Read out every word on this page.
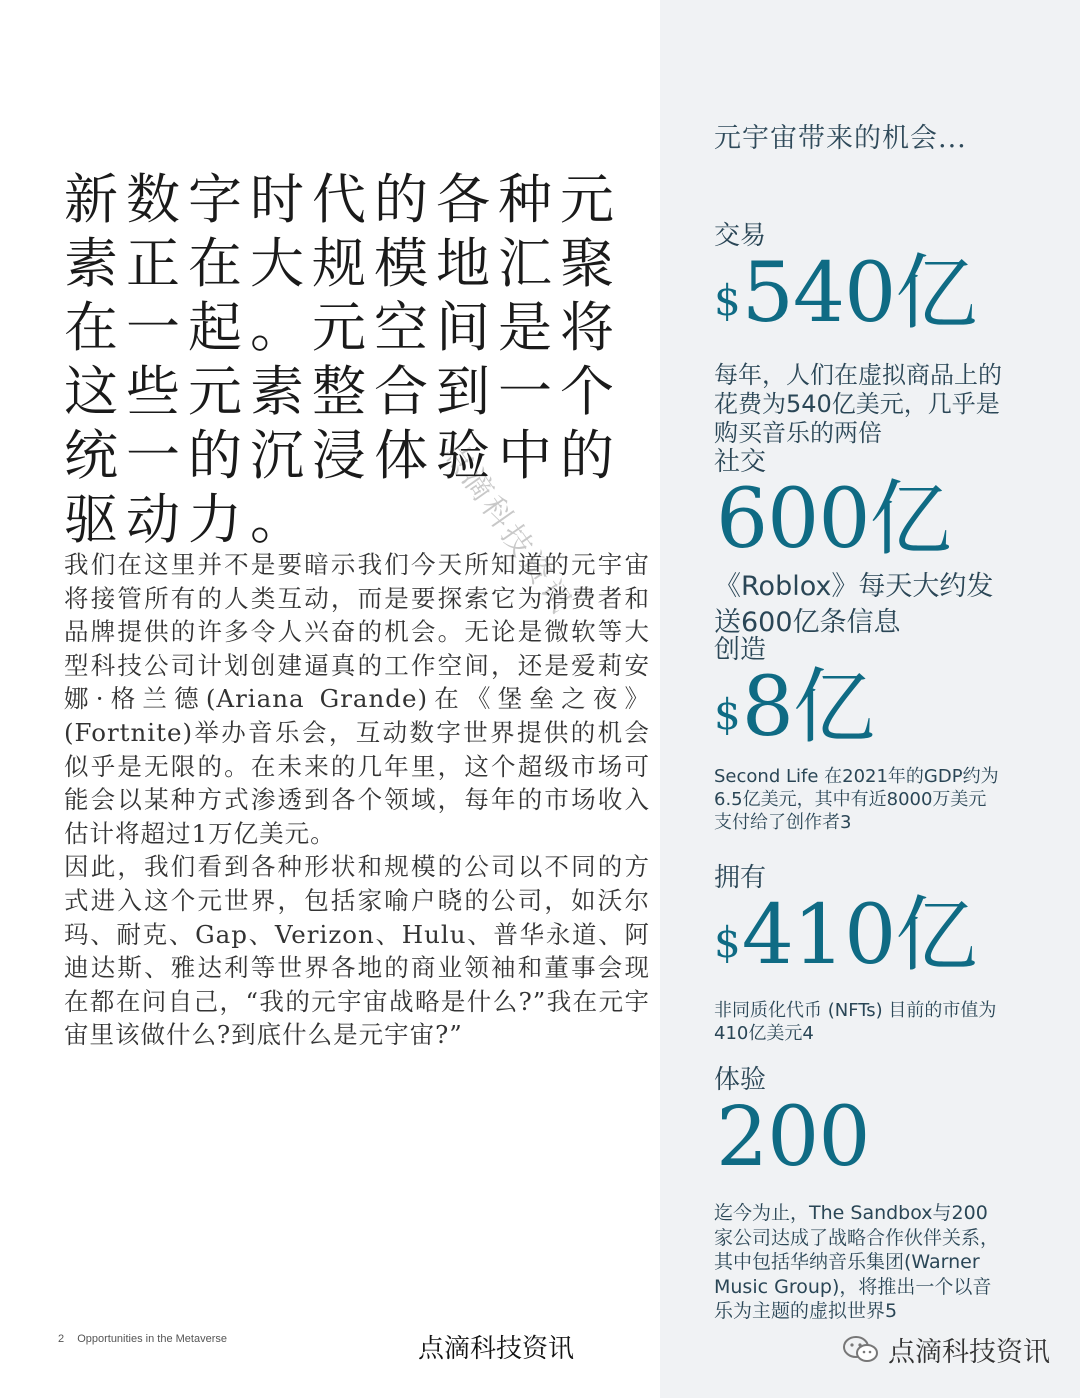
点滴科技资讯
新数字时代的各种元素正在大规模地汇聚在一起。元空间是将这些元素整合到一个统一的沉浸体验中的驱动力。

我们在这里并不是要暗示我们今天所知道的元宇宙将接管所有的人类互动，而是要探索它为消费者和品牌提供的许多令人兴奋的机会。无论是微软等大型科技公司计划创建逼真的工作空间，还是爱莉安娜·格兰德(Ariana Grande)在《堡垒之夜》(Fortnite)举办音乐会，互动数字世界提供的机会似乎是无限的。在未来的几年里，这个超级市场可能会以某种方式渗透到各个领域，每年的市场收入估计将超过1万亿美元。

因此，我们看到各种形状和规模的公司以不同的方式进入这个元世界，包括家喻户晓的公司，如沃尔玛、耐克、Gap、Verizon、Hulu、普华永道、阿迪达斯、雅达利等世界各地的商业领袖和董事会现在都在问自己，“我的元宇宙战略是什么?”我在元宇宙里该做什么?到底什么是元宇宙?”

元宇宙带来的机会...
交易
$540亿
每年，人们在虚拟商品上的花费为540亿美元，几乎是购买音乐的两倍
社交
600亿
《Roblox》每天大约发送600亿条信息
创造
$8亿
Second Life 在2021年的GDP约为6.5亿美元，其中有近8000万美元支付给了创作者3
拥有
$410亿
非同质化代币 (NFTs) 目前的市值为410亿美元4
体验
200
迄今为止，The Sandbox与200家公司达成了战略合作伙伴关系，其中包括华纳音乐集团(Warner Music Group)，将推出一个以音乐为主题的虚拟世界5
2 Opportunities in the Metaverse	点滴科技资讯	点滴科技资讯
